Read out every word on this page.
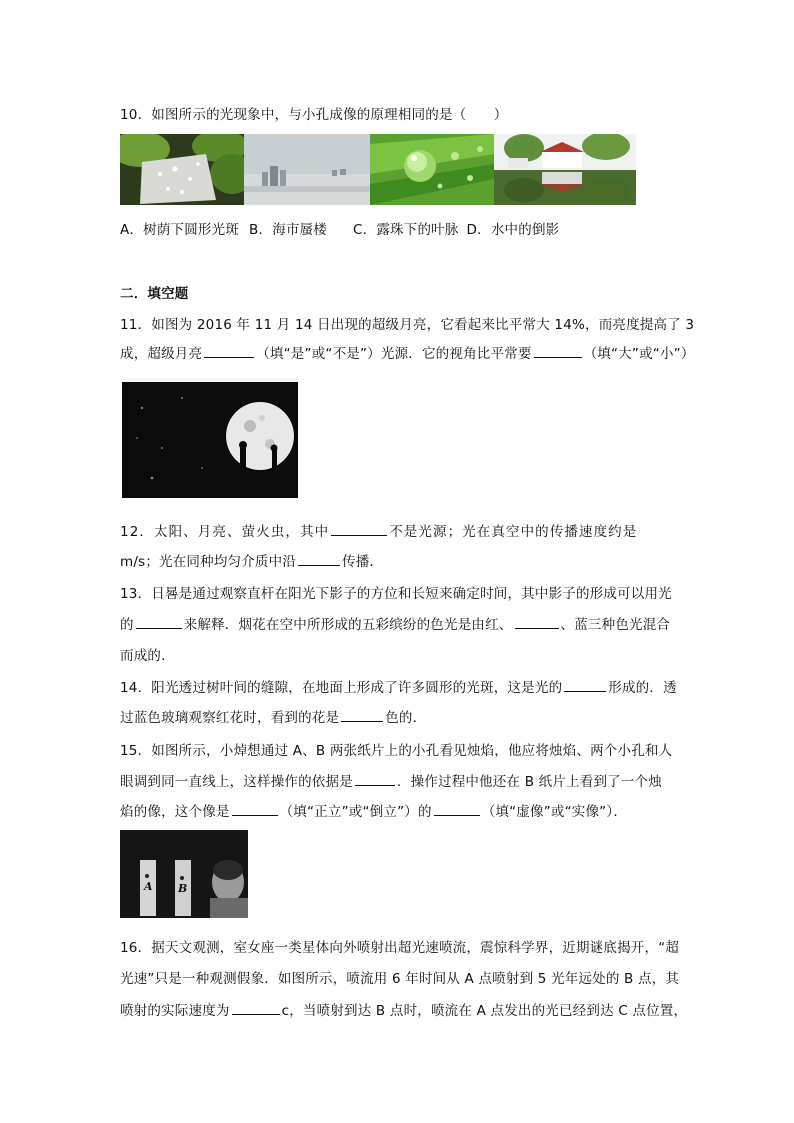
10．如图所示的光现象中，与小孔成像的原理相同的是（　　）
A．树荫下圆形光斑 B．海市蜃楼 C．露珠下的叶脉 D．水中的倒影
二．填空题
11．如图为 2016 年 11 月 14 日出现的超级月亮，它看起来比平常大 14%，而亮度提高了 3
成，超级月亮	（填“是”或“不是”）光源．它的视角比平常要	（填“大”或“小”）
12．太阳、月亮、萤火虫，其中	不是光源；光在真空中的传播速度约是
m/s；光在同种均匀介质中沿	传播．
13．日晷是通过观察直杆在阳光下影子的方位和长短来确定时间，其中影子的形成可以用光
的	来解释．烟花在空中所形成的五彩缤纷的色光是由红、	、蓝三种色光混合
而成的．
14．阳光透过树叶间的缝隙，在地面上形成了许多圆形的光斑，这是光的	形成的．透
过蓝色玻璃观察红花时，看到的花是	色的．
15．如图所示，小焯想通过 A、B 两张纸片上的小孔看见烛焰，他应将烛焰、两个小孔和人
眼调到同一直线上，这样操作的依据是	．操作过程中他还在 B 纸片上看到了一个烛
焰的像，这个像是	（填“正立”或“倒立”）的	（填“虚像”或“实像”）．
A B
16．据天文观测，室女座一类星体向外喷射出超光速喷流，震惊科学界，近期谜底揭开，“超
光速”只是一种观测假象．如图所示，喷流用 6 年时间从 A 点喷射到 5 光年远处的 B 点，其
喷射的实际速度为	c，当喷射到达 B 点时，喷流在 A 点发出的光已经到达 C 点位置，
